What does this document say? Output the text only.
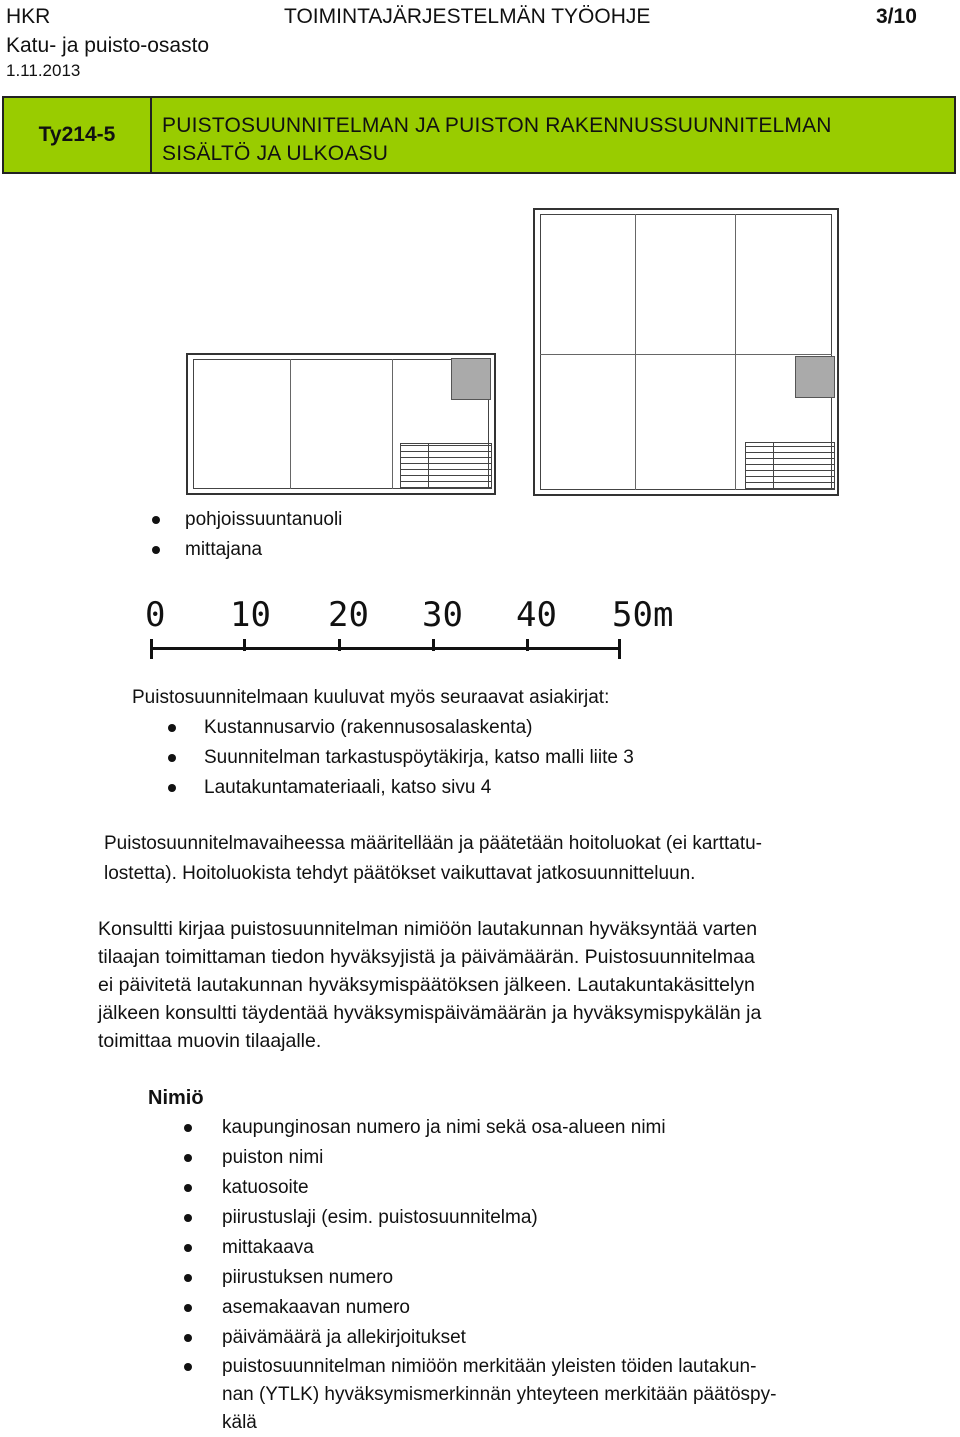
HKR	TOIMINTAJÄRJESTELMÄN TYÖOHJE	3/10
Katu- ja puisto-osasto
1.11.2013
Ty214-5	PUISTOSUUNNITELMAN JA PUISTON RAKENNUSSUUNNITELMAN
SISÄLTÖ JA ULKOASU
pohjoissuuntanuoli
mittajana
0 10 20 30 40 50m
Puistosuunnitelmaan kuuluvat myös seuraavat asiakirjat:
Kustannusarvio (rakennusosalaskenta)
Suunnitelman tarkastuspöytäkirja, katso malli liite 3
Lautakuntamateriaali, katso sivu 4
Puistosuunnitelmavaiheessa määritellään ja päätetään hoitoluokat (ei karttatu-
lostetta). Hoitoluokista tehdyt päätökset vaikuttavat jatkosuunnitteluun.
Konsultti kirjaa puistosuunnitelman nimiöön lautakunnan hyväksyntää varten
tilaajan toimittaman tiedon hyväksyjistä ja päivämäärän. Puistosuunnitelmaa
ei päivitetä lautakunnan hyväksymispäätöksen jälkeen. Lautakuntakäsittelyn
jälkeen konsultti täydentää hyväksymispäivämäärän ja hyväksymispykälän ja
toimittaa muovin tilaajalle.
Nimiö
kaupunginosan numero ja nimi sekä osa-alueen nimi
puiston nimi
katuosoite
piirustuslaji (esim. puistosuunnitelma)
mittakaava
piirustuksen numero
asemakaavan numero
päivämäärä ja allekirjoitukset
puistosuunnitelman nimiöön merkitään yleisten töiden lautakun-
nan (YTLK) hyväksymismerkinnän yhteyteen merkitään päätöspy-
kälä
